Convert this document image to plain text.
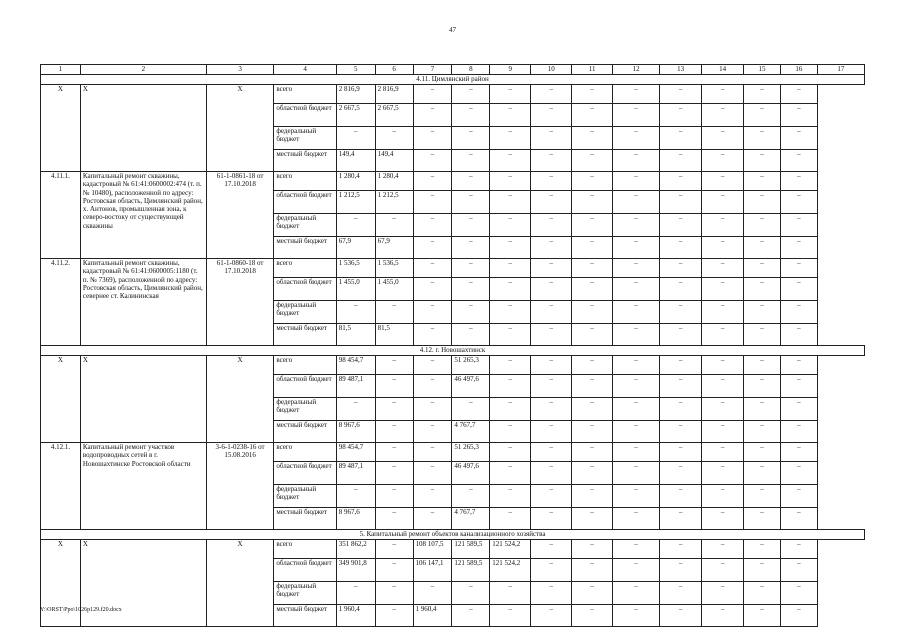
47
1	2	3	4	5	6	7	8	9	10	11	12	13	14	15	16	17
4.11. Цимлянский район																
Х	Х	Х	всего	2 816,9	2 816,9	–	–	–	–	–	–	–	–	–	–	
			областной бюджет	2 667,5	2 667,5	–	–	–	–	–	–	–	–	–	–	
			федеральный бюджет	–	–	–	–	–	–	–	–	–	–	–	–	
			местный бюджет	149,4	149,4	–	–	–	–	–	–	–	–	–	–	
4.11.1.	Капитальный ремонт скважины, кадастровый № 61:41:0600002:474 (т. п. № 10480), расположенной по адресу: Ростовская область, Цимлянский район, х. Антонов, промышленная зона, к северо-востоку от существующей скважины	61-1-0861-18 от 17.10.2018	всего	1 280,4	1 280,4	–	–	–	–	–	–	–	–	–	–	
			областной бюджет	1 212,5	1 212,5	–	–	–	–	–	–	–	–	–	–	
			федеральный бюджет	–	–	–	–	–	–	–	–	–	–	–	–	
			местный бюджет	67,9	67,9	–	–	–	–	–	–	–	–	–	–	
4.11.2.	Капитальный ремонт скважины, кадастровый № 61:41:0600005:1180 (т. п. № 7369), расположенной по адресу: Ростовская область, Цимлянский район, севернее ст. Калининская	61-1-0860-18 от 17.10.2018	всего	1 536,5	1 536,5	–	–	–	–	–	–	–	–	–	–	
			областной бюджет	1 455,0	1 455,0	–	–	–	–	–	–	–	–	–	–	
			федеральный бюджет	–	–	–	–	–	–	–	–	–	–	–	–	
			местный бюджет	81,5	81,5	–	–	–	–	–	–	–	–	–	–	
4.12. г. Новошахтинск																
Х	Х	Х	всего	98 454,7	–	–	51 265,3	–	–	–	–	–	–	–	–	
			областной бюджет	89 487,1	–	–	46 497,6	–	–	–	–	–	–	–	–	
			федеральный бюджет	–	–	–	–	–	–	–	–	–	–	–	–	
			местный бюджет	8 967,6	–	–	4 767,7	–	–	–	–	–	–	–	–	
4.12.1.	Капитальный ремонт участков водопроводных сетей в г. Новошахтинске Ростовской области	3-6-1-0238-16 от 15.08.2016	всего	98 454,7	–	–	51 265,3	–	–	–	–	–	–	–	–	
			областной бюджет	89 487,1	–	–	46 497,6	–	–	–	–	–	–	–	–	
			федеральный бюджет	–	–	–	–	–	–	–	–	–	–	–	–	
			местный бюджет	8 967,6	–	–	4 767,7	–	–	–	–	–	–	–	–	
5. Капитальный ремонт объектов канализационного хозяйства																
Х	Х	Х	всего	351 862,2	–	108 107,5	121 589,5	121 524,2	–	–	–	–	–	–	–	
			областной бюджет	349 901,8	–	106 147,1	121 589,5	121 524,2	–	–	–	–	–	–	–	
			федеральный бюджет	–	–	–	–	–	–	–	–	–	–	–	–	
			местный бюджет	1 960,4	–	1 960,4	–	–	–	–	–	–	–	–	–	
Y:\ORST\Ppo\1026p129.f20.docx
